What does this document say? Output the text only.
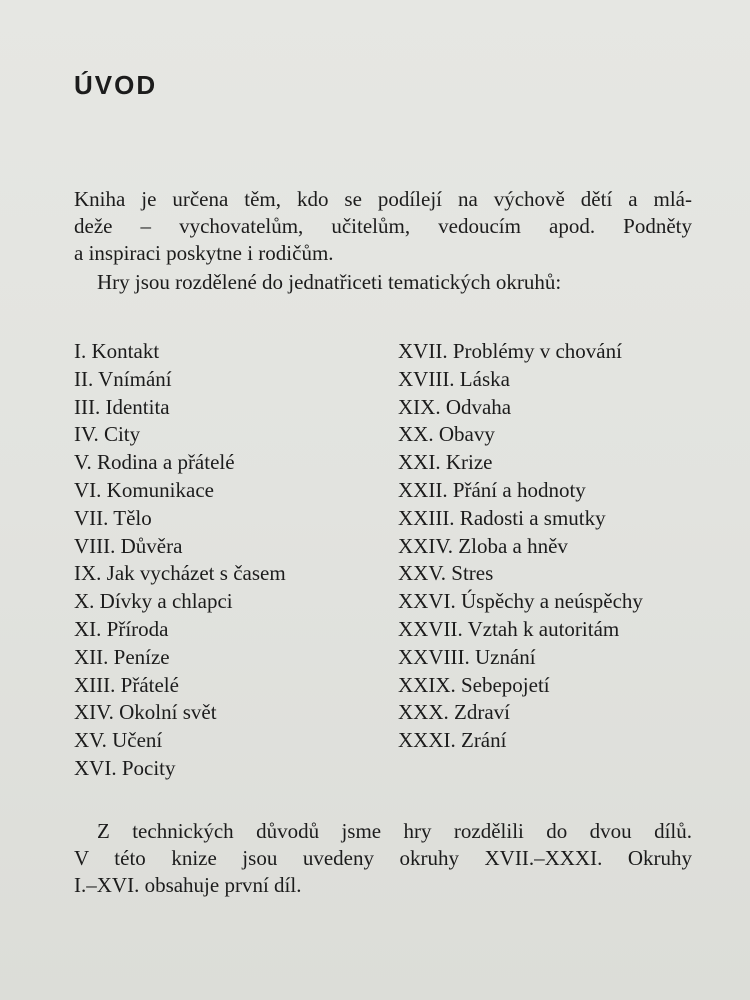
ÚVOD

Kniha je určena těm, kdo se podílejí na výchově dětí a mlá-
deže – vychovatelům, učitelům, vedoucím apod. Podněty
a inspiraci poskytne i rodičům.

Hry jsou rozdělené do jednatřiceti tematických okruhů:

I. Kontakt
II. Vnímání
III. Identita
IV. City
V. Rodina a přátelé
VI. Komunikace
VII. Tělo
VIII. Důvěra
IX. Jak vycházet s časem
X. Dívky a chlapci
XI. Příroda
XII. Peníze
XIII. Přátelé
XIV. Okolní svět
XV. Učení
XVI. Pocity
XVII. Problémy v chování
XVIII. Láska
XIX. Odvaha
XX. Obavy
XXI. Krize
XXII. Přání a hodnoty
XXIII. Radosti a smutky
XXIV. Zloba a hněv
XXV. Stres
XXVI. Úspěchy a neúspěchy
XXVII. Vztah k autoritám
XXVIII. Uznání
XXIX. Sebepojetí
XXX. Zdraví
XXXI. Zrání

Z technických důvodů jsme hry rozdělili do dvou dílů.
V této knize jsou uvedeny okruhy XVII.–XXXI. Okruhy
I.–XVI. obsahuje první díl.
